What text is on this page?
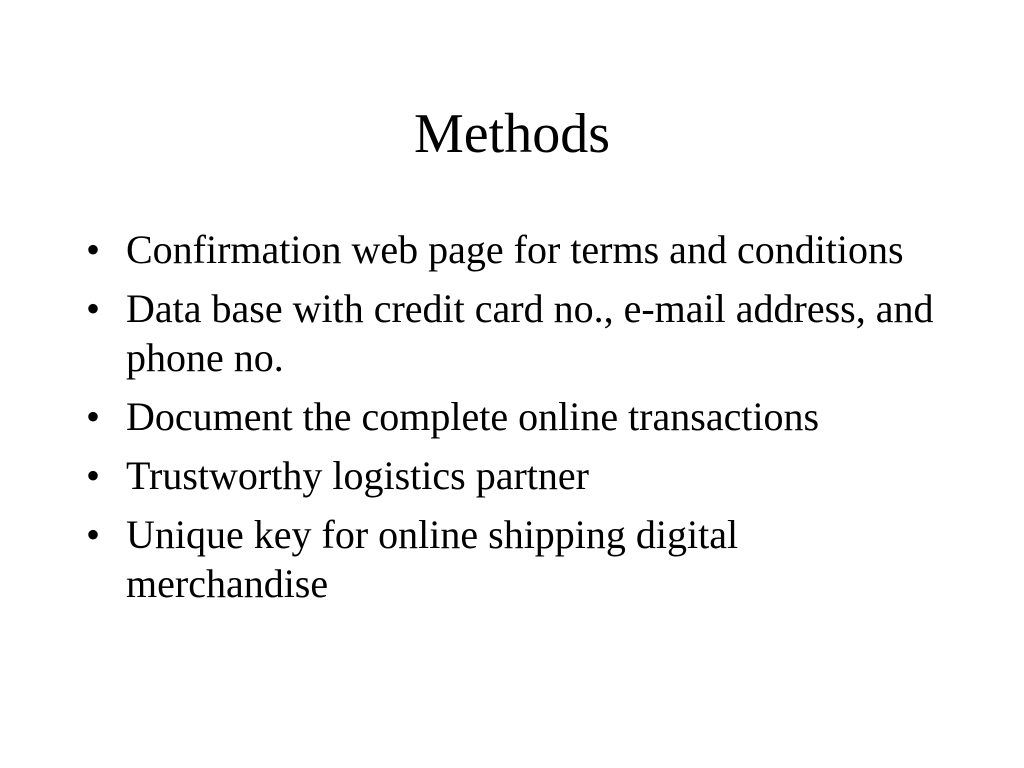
Methods
• Confirmation web page for terms and conditions
• Data base with credit card no., e-mail address, and phone no.
• Document the complete online transactions
• Trustworthy logistics partner
• Unique key for online shipping digital merchandise
